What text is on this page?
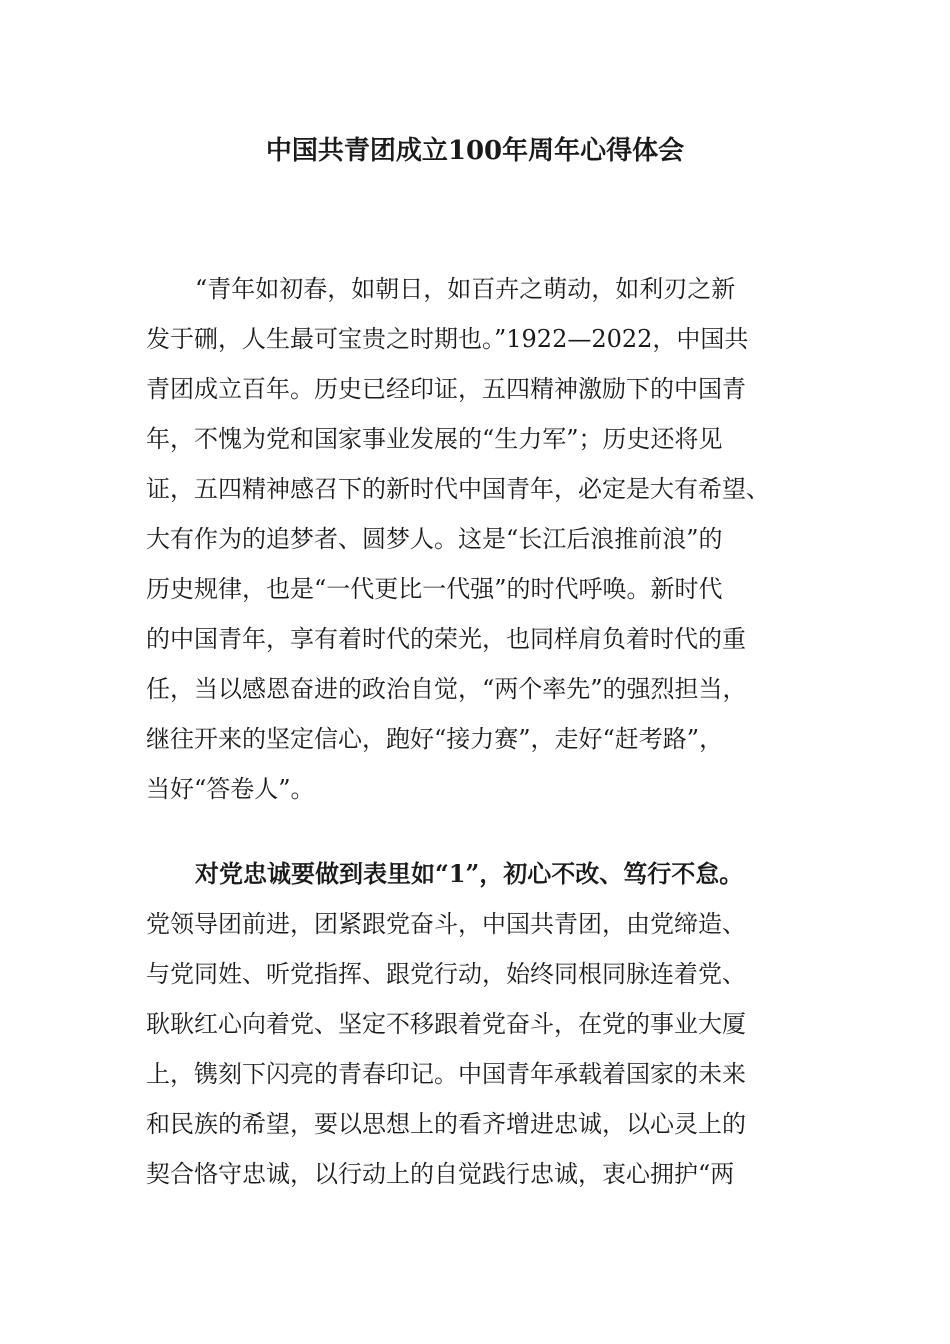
中国共青团成立100年周年心得体会
“青年如初春，如朝日，如百卉之萌动，如利刃之新
发于硎，人生最可宝贵之时期也。”1922—2022，中国共
青团成立百年。历史已经印证，五四精神激励下的中国青
年，不愧为党和国家事业发展的“生力军”；历史还将见
证，五四精神感召下的新时代中国青年，必定是大有希望、
大有作为的追梦者、圆梦人。这是“长江后浪推前浪”的
历史规律，也是“一代更比一代强”的时代呼唤。新时代
的中国青年，享有着时代的荣光，也同样肩负着时代的重
任，当以感恩奋进的政治自觉，“两个率先”的强烈担当，
继往开来的坚定信心，跑好“接力赛”，走好“赶考路”，
当好“答卷人”。
对党忠诚要做到表里如“1”，初心不改、笃行不怠。
党领导团前进，团紧跟党奋斗，中国共青团，由党缔造、
与党同姓、听党指挥、跟党行动，始终同根同脉连着党、
耿耿红心向着党、坚定不移跟着党奋斗，在党的事业大厦
上，镌刻下闪亮的青春印记。中国青年承载着国家的未来
和民族的希望，要以思想上的看齐增进忠诚，以心灵上的
契合恪守忠诚，以行动上的自觉践行忠诚，衷心拥护“两
